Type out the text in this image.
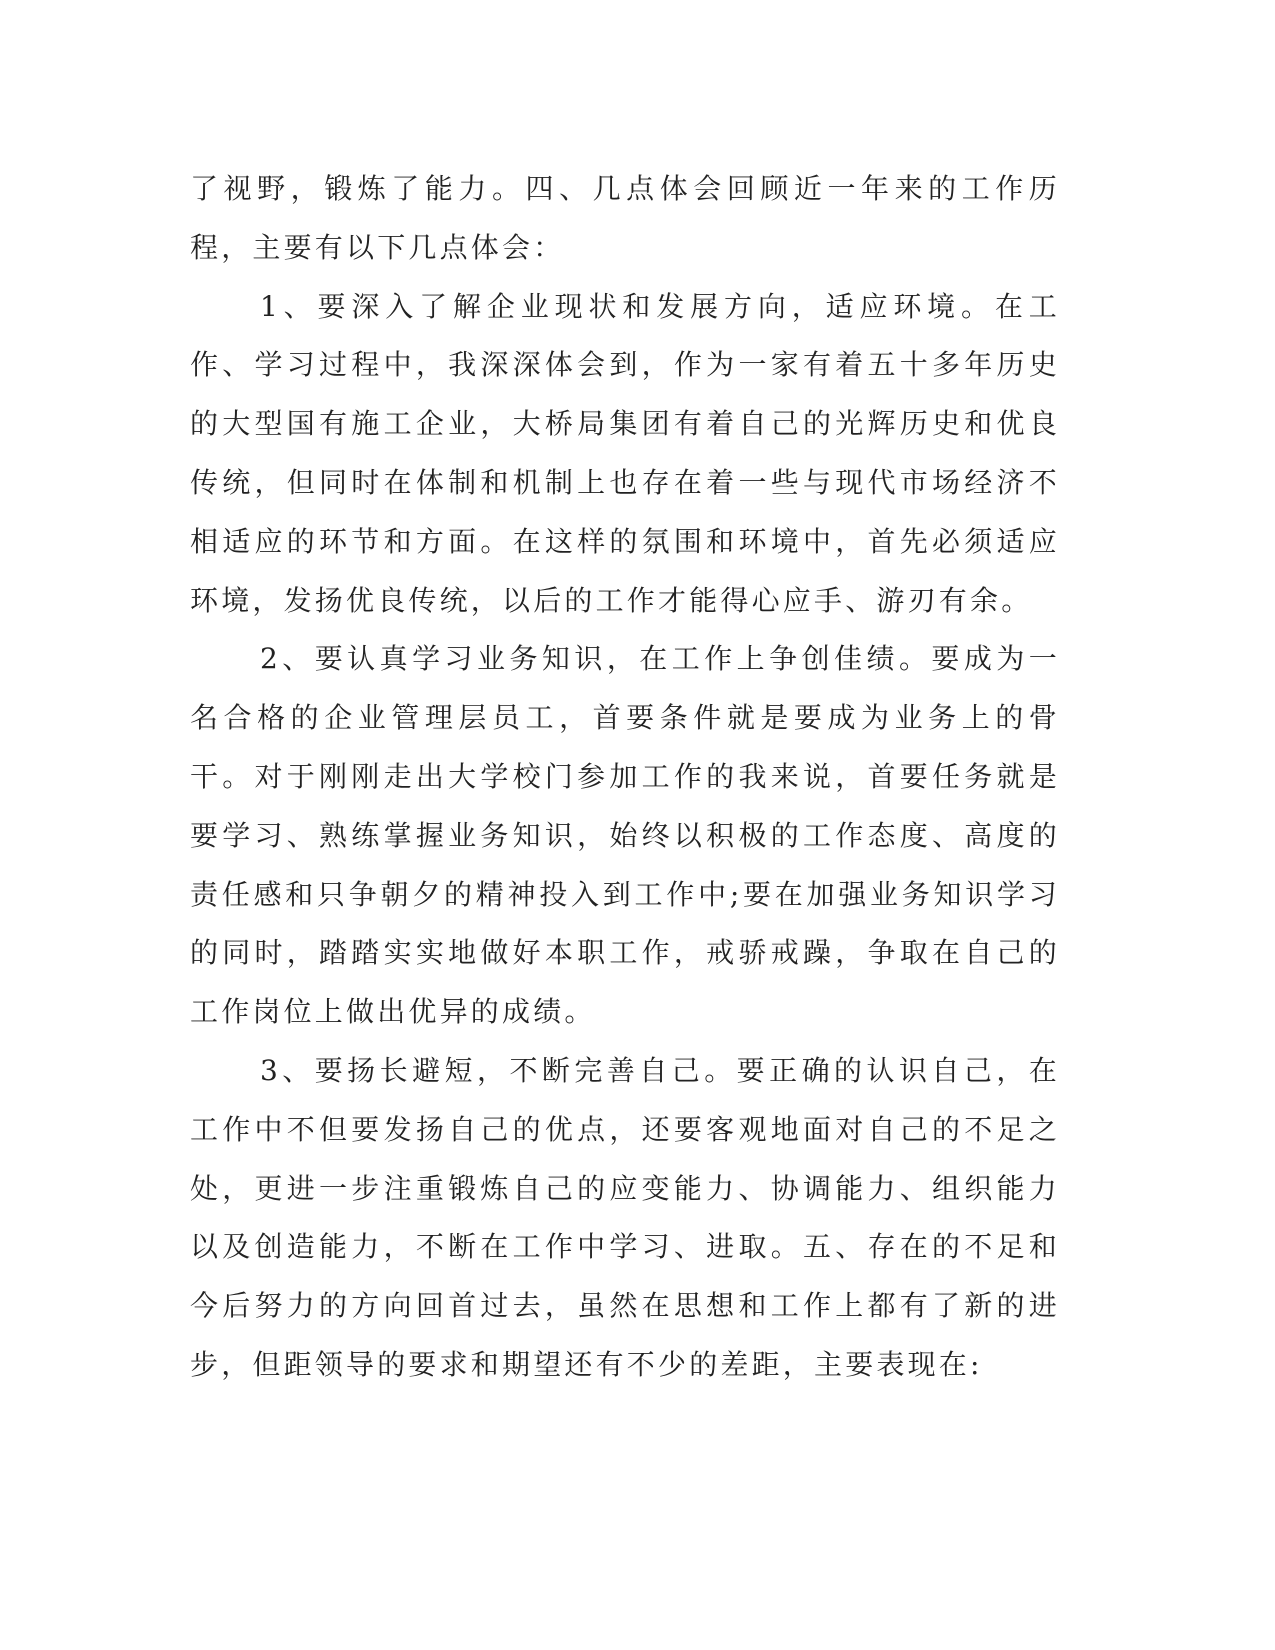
了视野，锻炼了能力。四、几点体会回顾近一年来的工作历程，主要有以下几点体会：

1、要深入了解企业现状和发展方向，适应环境。在工作、学习过程中，我深深体会到，作为一家有着五十多年历史的大型国有施工企业，大桥局集团有着自己的光辉历史和优良传统，但同时在体制和机制上也存在着一些与现代市场经济不相适应的环节和方面。在这样的氛围和环境中，首先必须适应环境，发扬优良传统，以后的工作才能得心应手、游刃有余。

2、要认真学习业务知识，在工作上争创佳绩。要成为一名合格的企业管理层员工，首要条件就是要成为业务上的骨干。对于刚刚走出大学校门参加工作的我来说，首要任务就是要学习、熟练掌握业务知识，始终以积极的工作态度、高度的责任感和只争朝夕的精神投入到工作中;要在加强业务知识学习的同时，踏踏实实地做好本职工作，戒骄戒躁，争取在自己的工作岗位上做出优异的成绩。

3、要扬长避短，不断完善自己。要正确的认识自己，在工作中不但要发扬自己的优点，还要客观地面对自己的不足之处，更进一步注重锻炼自己的应变能力、协调能力、组织能力以及创造能力，不断在工作中学习、进取。五、存在的不足和今后努力的方向回首过去，虽然在思想和工作上都有了新的进步，但距领导的要求和期望还有不少的差距，主要表现在:
